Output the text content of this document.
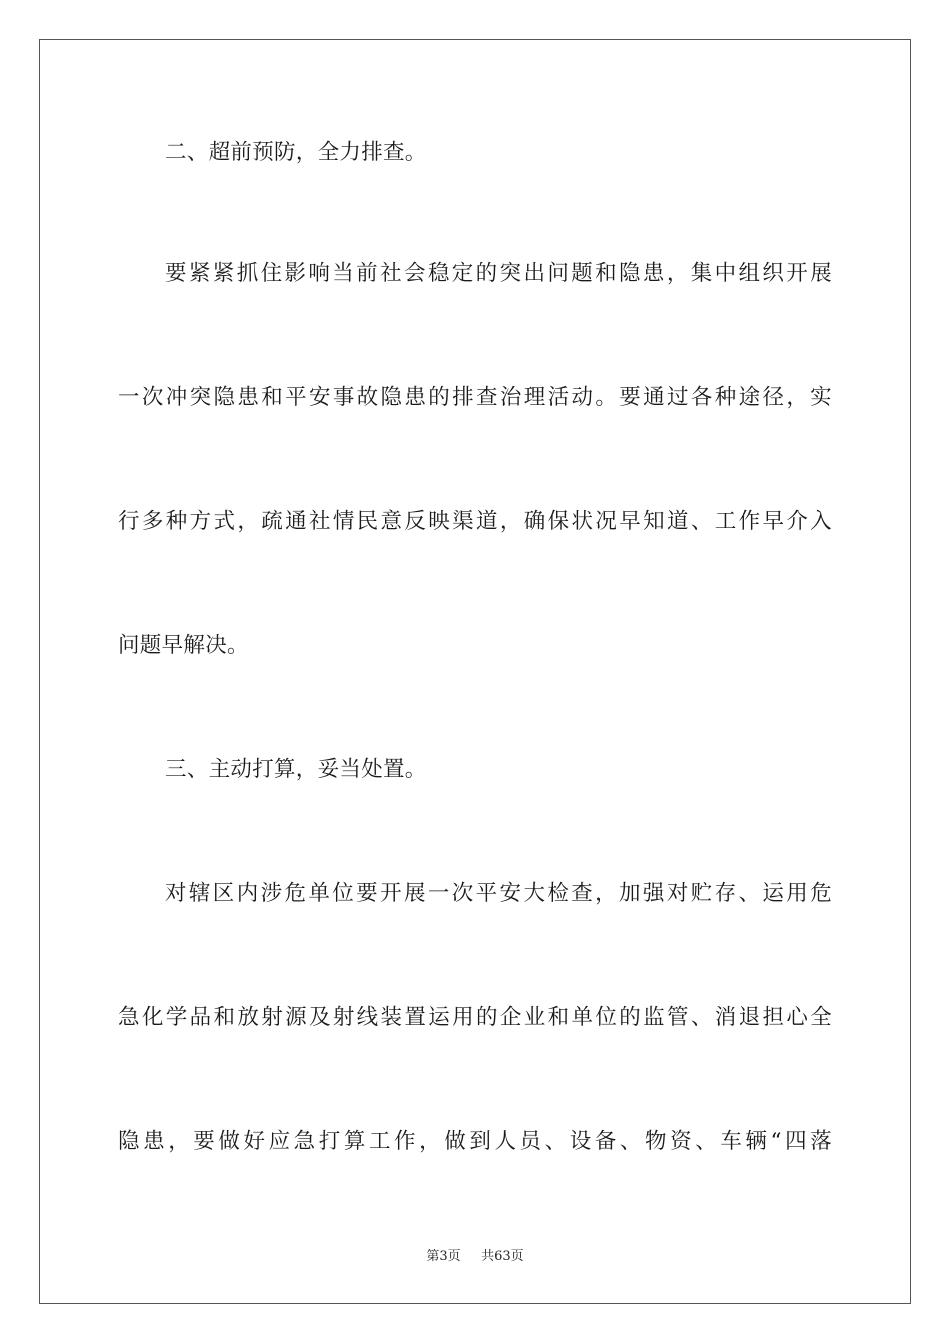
二、超前预防，全力排查。
要紧紧抓住影响当前社会稳定的突出问题和隐患，集中组织开展
一次冲突隐患和平安事故隐患的排查治理活动。要通过各种途径，实
行多种方式，疏通社情民意反映渠道，确保状况早知道、工作早介入
问题早解决。
三、主动打算，妥当处置。
对辖区内涉危单位要开展一次平安大检查，加强对贮存、运用危
急化学品和放射源及射线装置运用的企业和单位的监管、消退担心全
隐患，要做好应急打算工作，做到人员、设备、物资、车辆“四落
第3页 共63页
